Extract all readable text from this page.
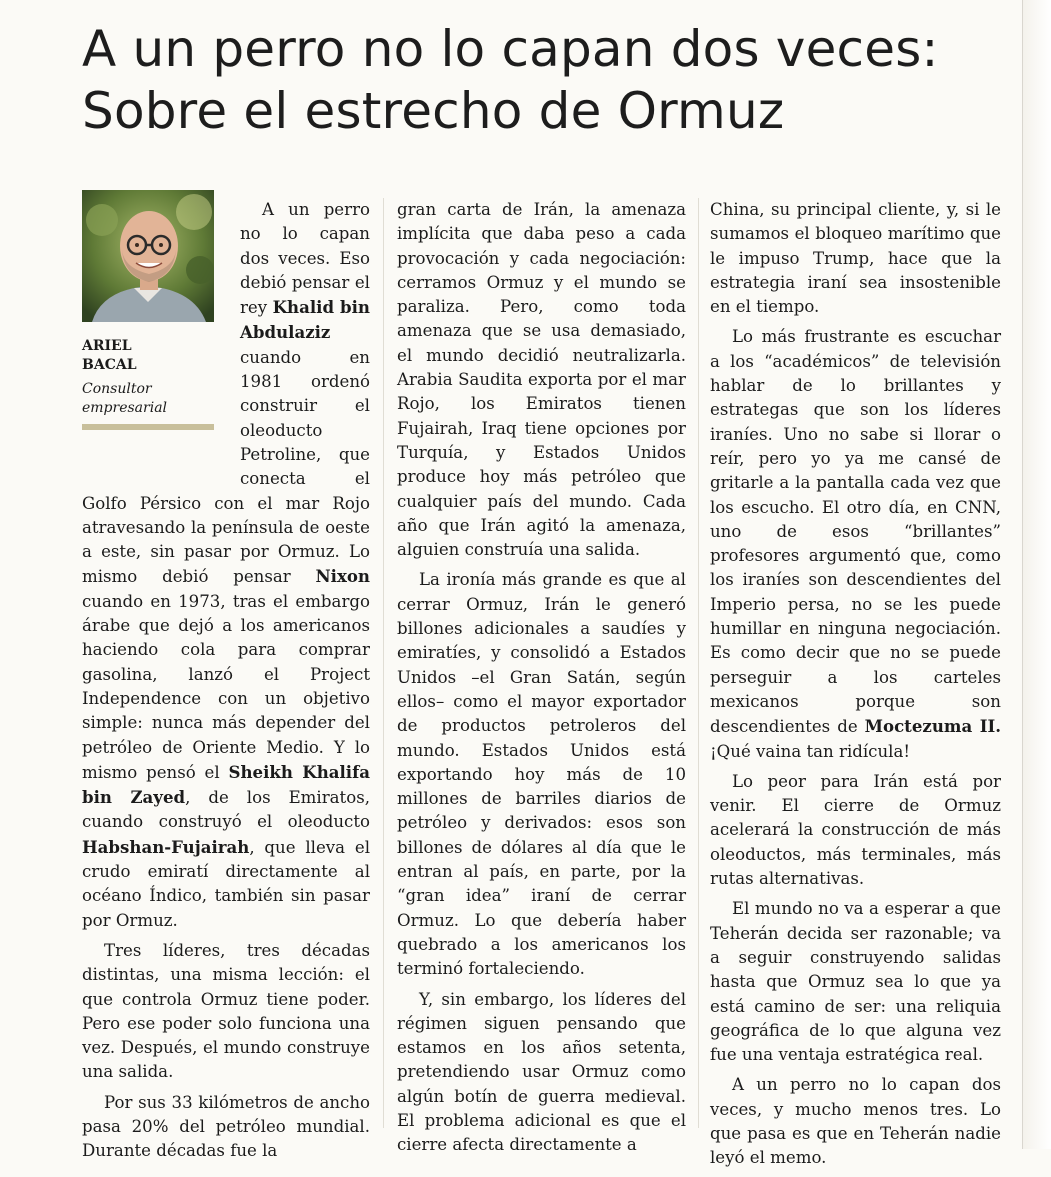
A un perro no lo capan dos veces:
Sobre el estrecho de Ormuz
ARIEL
BACAL
Consultor
empresarial

A un perro no lo capan dos veces. Eso debió pensar el rey Khalid bin Abdulaziz cuando en 1981 ordenó construir el oleoducto Petroline, que conecta el Golfo Pérsico con el mar Rojo atravesando la península de oeste a este, sin pasar por Ormuz. Lo mismo debió pensar Nixon cuando en 1973, tras el embargo árabe que dejó a los americanos haciendo cola para comprar gasolina, lanzó el Project Independence con un objetivo simple: nunca más depender del petróleo de Oriente Medio. Y lo mismo pensó el Sheikh Khalifa bin Zayed, de los Emiratos, cuando construyó el oleoducto Habshan-Fujairah, que lleva el crudo emiratí directamente al océano Índico, también sin pasar por Ormuz.

Tres líderes, tres décadas distintas, una misma lección: el que controla Ormuz tiene poder. Pero ese poder solo funciona una vez. Después, el mundo construye una salida.

Por sus 33 kilómetros de ancho pasa 20% del petróleo mundial. Durante décadas fue la

gran carta de Irán, la amenaza implícita que daba peso a cada provocación y cada negociación: cerramos Ormuz y el mundo se paraliza. Pero, como toda amenaza que se usa demasiado, el mundo decidió neutralizarla. Arabia Saudita exporta por el mar Rojo, los Emiratos tienen Fujairah, Iraq tiene opciones por Turquía, y Estados Unidos produce hoy más petróleo que cualquier país del mundo. Cada año que Irán agitó la amenaza, alguien construía una salida.

La ironía más grande es que al cerrar Ormuz, Irán le generó billones adicionales a saudíes y emiratíes, y consolidó a Estados Unidos –el Gran Satán, según ellos– como el mayor exportador de productos petroleros del mundo. Estados Unidos está exportando hoy más de 10 millones de barriles diarios de petróleo y derivados: esos son billones de dólares al día que le entran al país, en parte, por la “gran idea” iraní de cerrar Ormuz. Lo que debería haber quebrado a los americanos los terminó fortaleciendo.

Y, sin embargo, los líderes del régimen siguen pensando que estamos en los años setenta, pretendiendo usar Ormuz como algún botín de guerra medieval. El problema adicional es que el cierre afecta directamente a

China, su principal cliente, y, si le sumamos el bloqueo marítimo que le impuso Trump, hace que la estrategia iraní sea insostenible en el tiempo.

Lo más frustrante es escuchar a los “académicos” de televisión hablar de lo brillantes y estrategas que son los líderes iraníes. Uno no sabe si llorar o reír, pero yo ya me cansé de gritarle a la pantalla cada vez que los escucho. El otro día, en CNN, uno de esos “brillantes” profesores argumentó que, como los iraníes son descendientes del Imperio persa, no se les puede humillar en ninguna negociación. Es como decir que no se puede perseguir a los carteles mexicanos porque son descendientes de Moctezuma II. ¡Qué vaina tan ridícula!

Lo peor para Irán está por venir. El cierre de Ormuz acelerará la construcción de más oleoductos, más terminales, más rutas alternativas.

El mundo no va a esperar a que Teherán decida ser razonable; va a seguir construyendo salidas hasta que Ormuz sea lo que ya está camino de ser: una reliquia geográfica de lo que alguna vez fue una ventaja estratégica real.

A un perro no lo capan dos veces, y mucho menos tres. Lo que pasa es que en Teherán nadie leyó el memo.
